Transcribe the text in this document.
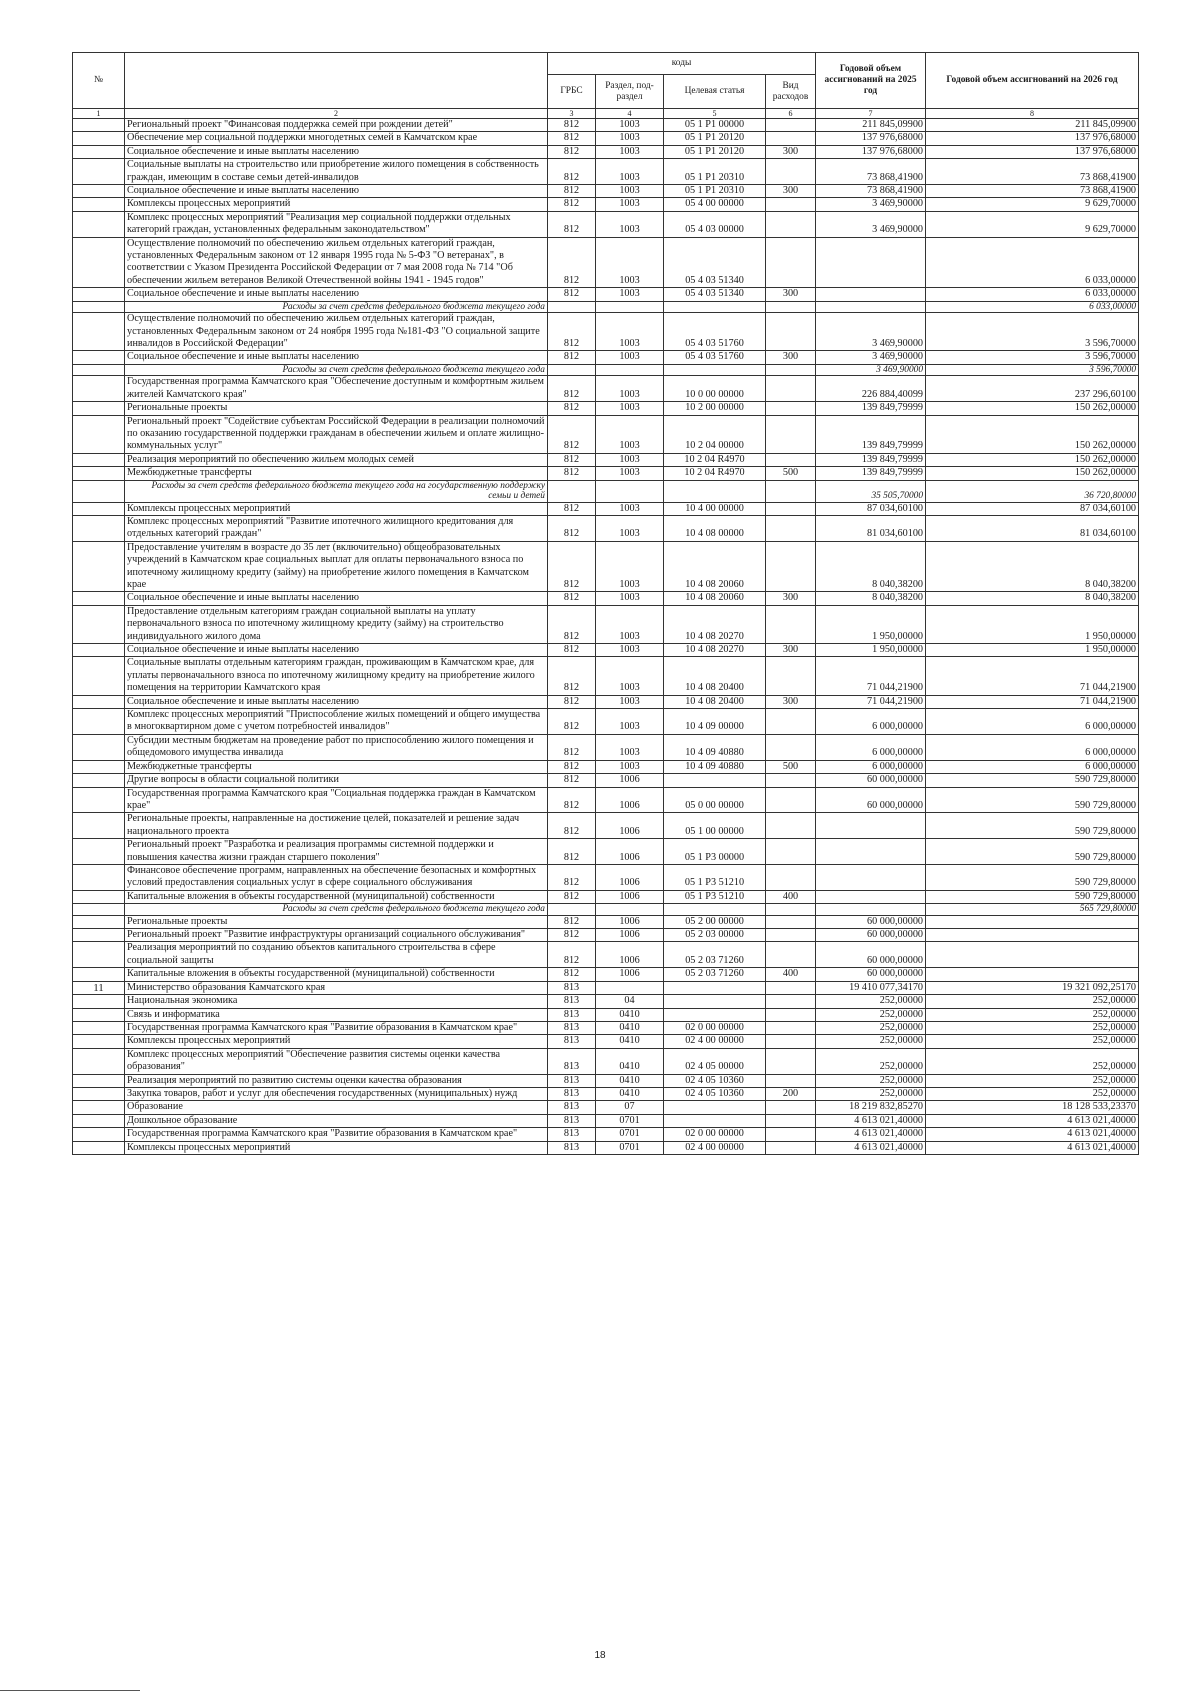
№		коды				Годовой объем ассигнований на 2025 год	Годовой объем ассигнований на 2026 год
		ГРБС	Раздел, под-раздел	Целевая статья	Вид расходов		
1	2	3	4	5	6	7	8
	Региональный проект "Финансовая поддержка семей при рождении детей"	812	1003	05 1 Р1 00000		211 845,09900	211 845,09900
	Обеспечение мер социальной поддержки многодетных семей в Камчатском крае	812	1003	05 1 Р1 20120		137 976,68000	137 976,68000
	Социальное обеспечение и иные выплаты населению	812	1003	05 1 Р1 20120	300	137 976,68000	137 976,68000
	Социальные выплаты на строительство или приобретение жилого помещения в собственность граждан, имеющим в составе семьи детей-инвалидов	812	1003	05 1 Р1 20310		73 868,41900	73 868,41900
	Социальное обеспечение и иные выплаты населению	812	1003	05 1 Р1 20310	300	73 868,41900	73 868,41900
	Комплексы процессных мероприятий	812	1003	05 4 00 00000		3 469,90000	9 629,70000
	Комплекс процессных мероприятий "Реализация мер социальной поддержки отдельных категорий граждан, установленных федеральным законодательством"	812	1003	05 4 03 00000		3 469,90000	9 629,70000
	Осуществление полномочий по обеспечению жильем отдельных категорий граждан, установленных Федеральным законом от 12 января 1995 года № 5-ФЗ "О ветеранах", в соответствии с Указом Президента Российской Федерации от 7 мая 2008 года № 714 "Об обеспечении жильем ветеранов Великой Отечественной войны 1941 - 1945 годов"	812	1003	05 4 03 51340			6 033,00000
	Социальное обеспечение и иные выплаты населению	812	1003	05 4 03 51340	300		6 033,00000
	Расходы за счет средств федерального бюджета текущего года						6 033,00000
	Осуществление полномочий по обеспечению жильем отдельных категорий граждан, установленных Федеральным законом от 24 ноября 1995 года №181-ФЗ "О социальной защите инвалидов в Российской Федерации"	812	1003	05 4 03 51760		3 469,90000	3 596,70000
	Социальное обеспечение и иные выплаты населению	812	1003	05 4 03 51760	300	3 469,90000	3 596,70000
	Расходы за счет средств федерального бюджета текущего года					3 469,90000	3 596,70000
	Государственная программа Камчатского края "Обеспечение доступным и комфортным жильем жителей Камчатского края"	812	1003	10 0 00 00000		226 884,40099	237 296,60100
	Региональные проекты	812	1003	10 2 00 00000		139 849,79999	150 262,00000
	Региональный проект "Содействие субъектам Российской Федерации в реализации полномочий по оказанию государственной поддержки гражданам в обеспечении жильем и оплате жилищно-коммунальных услуг"	812	1003	10 2 04 00000		139 849,79999	150 262,00000
	Реализация мероприятий по обеспечению жильем молодых семей	812	1003	10 2 04 R4970		139 849,79999	150 262,00000
	Межбюджетные трансферты	812	1003	10 2 04 R4970	500	139 849,79999	150 262,00000
	Расходы за счет средств федерального бюджета текущего года на государственную поддержку семьи и детей					35 505,70000	36 720,80000
	Комплексы процессных мероприятий	812	1003	10 4 00 00000		87 034,60100	87 034,60100
	Комплекс процессных мероприятий "Развитие ипотечного жилищного кредитования для отдельных категорий граждан"	812	1003	10 4 08 00000		81 034,60100	81 034,60100
	Предоставление учителям в возрасте до 35 лет (включительно) общеобразовательных учреждений в Камчатском крае социальных выплат для оплаты первоначального взноса по ипотечному жилищному кредиту (займу) на приобретение жилого помещения в Камчатском крае	812	1003	10 4 08 20060		8 040,38200	8 040,38200
	Социальное обеспечение и иные выплаты населению	812	1003	10 4 08 20060	300	8 040,38200	8 040,38200
	Предоставление отдельным категориям граждан социальной выплаты на уплату первоначального взноса по ипотечному жилищному кредиту (займу) на строительство индивидуального жилого дома	812	1003	10 4 08 20270		1 950,00000	1 950,00000
	Социальное обеспечение и иные выплаты населению	812	1003	10 4 08 20270	300	1 950,00000	1 950,00000
	Социальные выплаты отдельным категориям граждан, проживающим в Камчатском крае, для уплаты первоначального взноса по ипотечному жилищному кредиту на приобретение жилого помещения на территории Камчатского края	812	1003	10 4 08 20400		71 044,21900	71 044,21900
	Социальное обеспечение и иные выплаты населению	812	1003	10 4 08 20400	300	71 044,21900	71 044,21900
	Комплекс процессных мероприятий "Приспособление жилых помещений и общего имущества в многоквартирном доме с учетом потребностей инвалидов"	812	1003	10 4 09 00000		6 000,00000	6 000,00000
	Субсидии местным бюджетам на проведение работ по приспособлению жилого помещения и общедомового имущества инвалида	812	1003	10 4 09 40880		6 000,00000	6 000,00000
	Межбюджетные трансферты	812	1003	10 4 09 40880	500	6 000,00000	6 000,00000
	Другие вопросы в области социальной политики	812	1006			60 000,00000	590 729,80000
	Государственная программа Камчатского края "Социальная поддержка граждан в Камчатском крае"	812	1006	05 0 00 00000		60 000,00000	590 729,80000
	Региональные проекты, направленные на достижение целей, показателей и решение задач национального проекта	812	1006	05 1 00 00000			590 729,80000
	Региональный проект "Разработка и реализация программы системной поддержки и повышения качества жизни граждан старшего поколения"	812	1006	05 1 Р3 00000			590 729,80000
	Финансовое обеспечение программ, направленных на обеспечение безопасных и комфортных условий предоставления социальных услуг в сфере социального обслуживания	812	1006	05 1 Р3 51210			590 729,80000
	Капитальные вложения в объекты государственной (муниципальной) собственности	812	1006	05 1 Р3 51210	400		590 729,80000
	Расходы за счет средств федерального бюджета текущего года						565 729,80000
	Региональные проекты	812	1006	05 2 00 00000		60 000,00000	
	Региональный проект "Развитие инфраструктуры организаций социального обслуживания"	812	1006	05 2 03 00000		60 000,00000	
	Реализация мероприятий по созданию объектов капитального строительства в сфере социальной защиты	812	1006	05 2 03 71260		60 000,00000	
	Капитальные вложения в объекты государственной (муниципальной) собственности	812	1006	05 2 03 71260	400	60 000,00000	
11	Министерство образования Камчатского края	813				19 410 077,34170	19 321 092,25170
	Национальная экономика	813	04			252,00000	252,00000
	Связь и информатика	813	0410			252,00000	252,00000
	Государственная программа Камчатского края "Развитие образования в Камчатском крае"	813	0410	02 0 00 00000		252,00000	252,00000
	Комплексы процессных мероприятий	813	0410	02 4 00 00000		252,00000	252,00000
	Комплекс процессных мероприятий "Обеспечение развития системы оценки качества образования"	813	0410	02 4 05 00000		252,00000	252,00000
	Реализация мероприятий по развитию системы оценки качества образования	813	0410	02 4 05 10360		252,00000	252,00000
	Закупка товаров, работ и услуг для обеспечения государственных (муниципальных) нужд	813	0410	02 4 05 10360	200	252,00000	252,00000
	Образование	813	07			18 219 832,85270	18 128 533,23370
	Дошкольное образование	813	0701			4 613 021,40000	4 613 021,40000
	Государственная программа Камчатского края "Развитие образования в Камчатском крае"	813	0701	02 0 00 00000		4 613 021,40000	4 613 021,40000
	Комплексы процессных мероприятий	813	0701	02 4 00 00000		4 613 021,40000	4 613 021,40000
18
